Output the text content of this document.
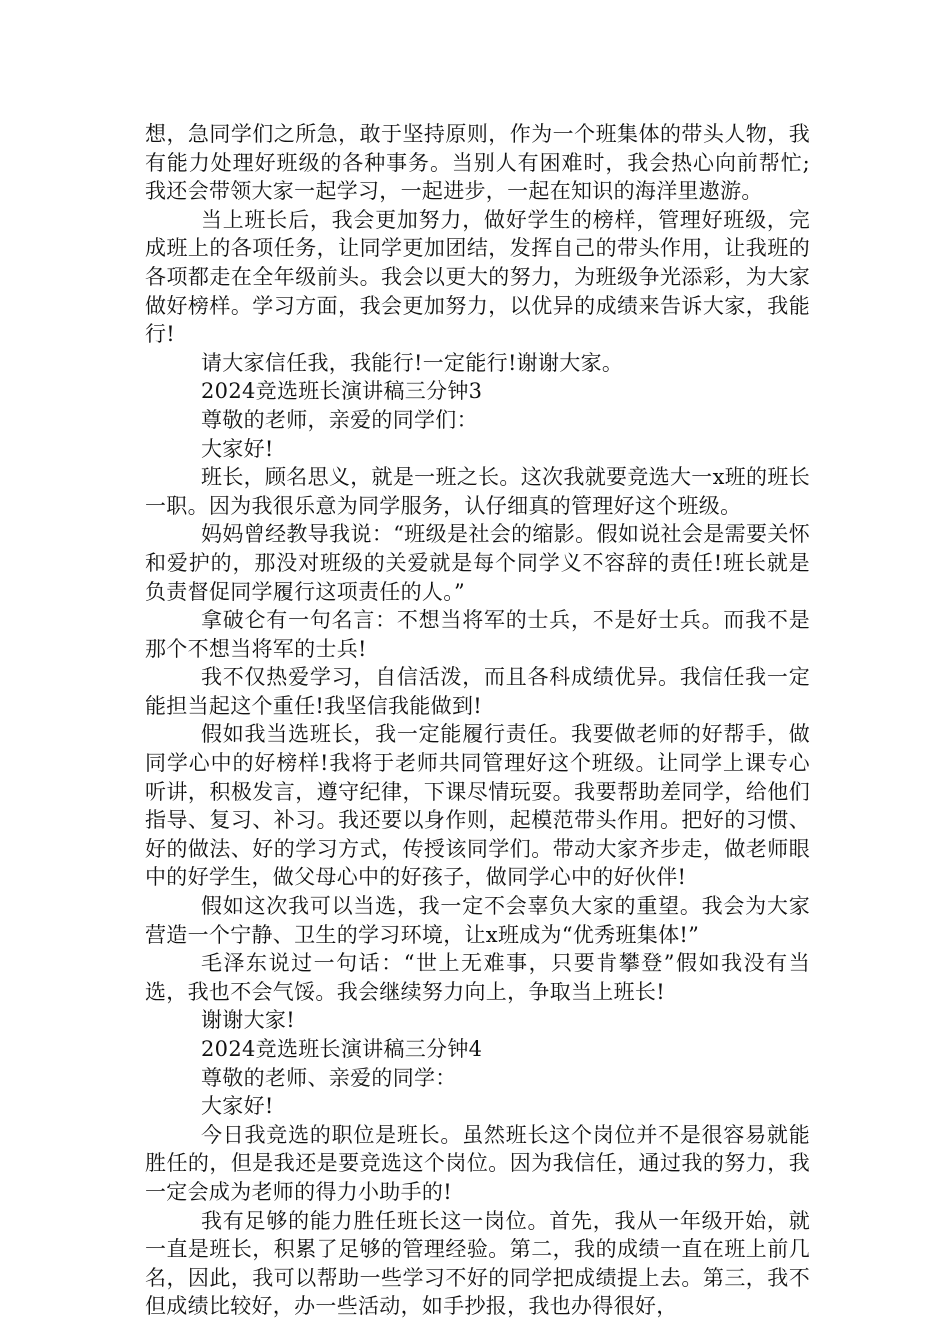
想，急同学们之所急，敢于坚持原则，作为一个班集体的带头人物，我有能力处理好班级的各种事务。当别人有困难时，我会热心向前帮忙;我还会带领大家一起学习，一起进步，一起在知识的海洋里遨游。

当上班长后，我会更加努力，做好学生的榜样，管理好班级，完成班上的各项任务，让同学更加团结，发挥自己的带头作用，让我班的各项都走在全年级前头。我会以更大的努力，为班级争光添彩，为大家做好榜样。学习方面，我会更加努力，以优异的成绩来告诉大家，我能行!

请大家信任我，我能行!一定能行!谢谢大家。

2024竞选班长演讲稿三分钟3

尊敬的老师，亲爱的同学们：

大家好!

班长，顾名思义，就是一班之长。这次我就要竞选大一x班的班长一职。因为我很乐意为同学服务，认仔细真的管理好这个班级。

妈妈曾经教导我说：“班级是社会的缩影。假如说社会是需要关怀和爱护的，那没对班级的关爱就是每个同学义不容辞的责任!班长就是负责督促同学履行这项责任的人。”

拿破仑有一句名言：不想当将军的士兵，不是好士兵。而我不是那个不想当将军的士兵!

我不仅热爱学习，自信活泼，而且各科成绩优异。我信任我一定能担当起这个重任!我坚信我能做到!

假如我当选班长，我一定能履行责任。我要做老师的好帮手，做同学心中的好榜样!我将于老师共同管理好这个班级。让同学上课专心听讲，积极发言，遵守纪律，下课尽情玩耍。我要帮助差同学，给他们指导、复习、补习。我还要以身作则，起模范带头作用。把好的习惯、好的做法、好的学习方式，传授该同学们。带动大家齐步走，做老师眼中的好学生，做父母心中的好孩子，做同学心中的好伙伴!

假如这次我可以当选，我一定不会辜负大家的重望。我会为大家营造一个宁静、卫生的学习环境，让x班成为“优秀班集体!”

毛泽东说过一句话：“世上无难事，只要肯攀登”假如我没有当选，我也不会气馁。我会继续努力向上，争取当上班长!

谢谢大家!

2024竞选班长演讲稿三分钟4

尊敬的老师、亲爱的同学：

大家好!

今日我竞选的职位是班长。虽然班长这个岗位并不是很容易就能胜任的，但是我还是要竞选这个岗位。因为我信任，通过我的努力，我一定会成为老师的得力小助手的!

我有足够的能力胜任班长这一岗位。首先，我从一年级开始，就一直是班长，积累了足够的管理经验。第二，我的成绩一直在班上前几名，因此，我可以帮助一些学习不好的同学把成绩提上去。第三，我不但成绩比较好，办一些活动，如手抄报，我也办得很好，
